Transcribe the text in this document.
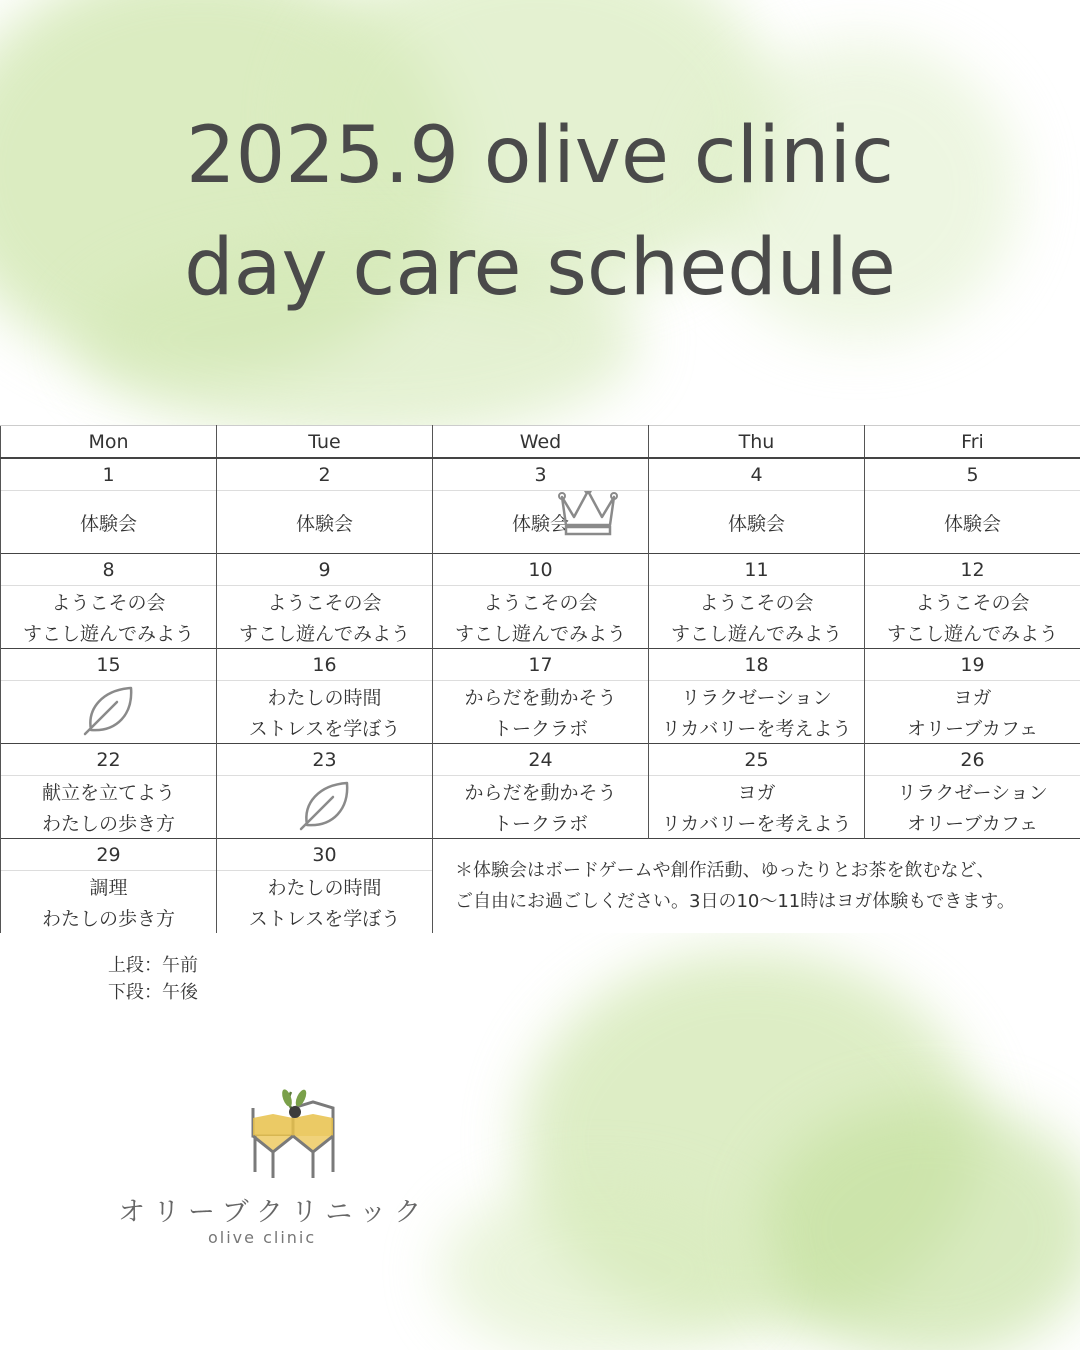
2025.9 olive clinic
day care schedule
Mon	Tue	Wed	Thu	Fri
1	2	3	4	5
体験会	体験会	体験会	体験会	体験会
8	9	10	11	12
ようこその会	ようこその会	ようこその会	ようこその会	ようこその会
すこし遊んでみよう	すこし遊んでみよう	すこし遊んでみよう	すこし遊んでみよう	すこし遊んでみよう
15	16	17	18	19
	わたしの時間	からだを動かそう	リラクゼーション	ヨガ
	ストレスを学ぼう	トークラボ	リカバリーを考えよう	オリーブカフェ
22	23	24	25	26
献立を立てよう		からだを動かそう	ヨガ	リラクゼーション
わたしの歩き方		トークラボ	リカバリーを考えよう	オリーブカフェ
29	30	＊体験会はボードゲームや創作活動、ゆったりとお茶を飲むなど、
ご自由にお過ごしください。3日の10〜11時はヨガ体験もできます。		

調理	わたしの時間			
わたしの歩き方	ストレスを学ぼう			
上段：午前
下段：午後
オリーブクリニック
olive clinic
